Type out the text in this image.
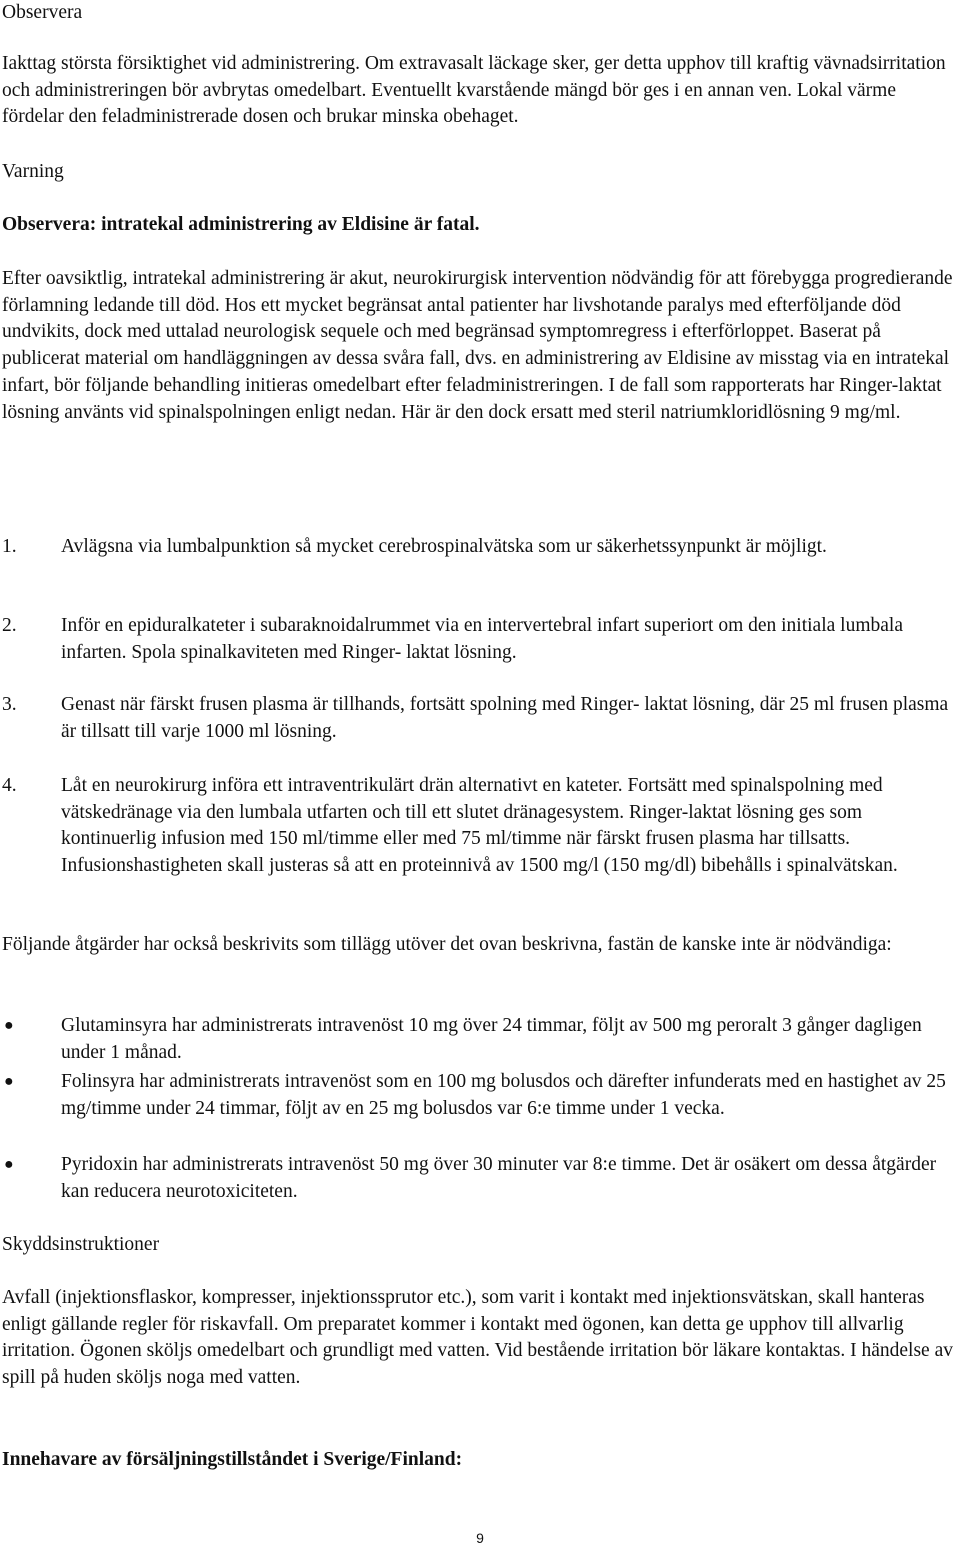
Observera

Iakttag största försiktighet vid administrering. Om extravasalt läckage sker, ger detta upphov till kraftig vävnadsirritation och administreringen bör avbrytas omedelbart. Eventuellt kvarstående mängd bör ges i en annan ven. Lokal värme fördelar den feladministrerade dosen och brukar minska obehaget.

Varning

Observera: intratekal administrering av Eldisine är fatal.

Efter oavsiktlig, intratekal administrering är akut, neurokirurgisk intervention nödvändig för att förebygga progredierande förlamning ledande till död. Hos ett mycket begränsat antal patienter har livshotande paralys med efterföljande död undvikits, dock med uttalad neurologisk sequele och med begränsad symptomregress i efterförloppet. Baserat på publicerat material om handläggningen av dessa svåra fall, dvs. en administrering av Eldisine av misstag via en intratekal infart, bör följande behandling initieras omedelbart efter feladministreringen. I de fall som rapporterats har Ringer-laktat lösning använts vid spinalspolningen enligt nedan. Här är den dock ersatt med steril natriumkloridlösning 9 mg/ml.

1.	Avlägsna via lumbalpunktion så mycket cerebrospinalvätska som ur säkerhetssynpunkt är möjligt.
2.	Inför en epiduralkateter i subaraknoidalrummet via en intervertebral infart superiort om den initiala lumbala infarten. Spola spinalkaviteten med Ringer- laktat lösning.
3.	Genast när färskt frusen plasma är tillhands, fortsätt spolning med Ringer- laktat lösning, där 25 ml frusen plasma är tillsatt till varje 1000 ml lösning.
4.	Låt en neurokirurg införa ett intraventrikulärt drän alternativt en kateter. Fortsätt med spinalspolning med vätskedränage via den lumbala utfarten och till ett slutet dränagesystem. Ringer-laktat lösning ges som kontinuerlig infusion med 150 ml/timme eller med 75 ml/timme när färskt frusen plasma har tillsatts. Infusionshastigheten skall justeras så att en proteinnivå av 1500 mg/l (150 mg/dl) bibehålls i spinalvätskan.

Följande åtgärder har också beskrivits som tillägg utöver det ovan beskrivna, fastän de kanske inte är nödvändiga:

●	Glutaminsyra har administrerats intravenöst 10 mg över 24 timmar, följt av 500 mg peroralt 3 gånger dagligen under 1 månad.
●	Folinsyra har administrerats intravenöst som en 100 mg bolusdos och därefter infunderats med en hastighet av 25 mg/timme under 24 timmar, följt av en 25 mg bolusdos var 6:e timme under 1 vecka.
●	Pyridoxin har administrerats intravenöst 50 mg över 30 minuter var 8:e timme. Det är osäkert om dessa åtgärder kan reducera neurotoxiciteten.

Skyddsinstruktioner

Avfall (injektionsflaskor, kompresser, injektionssprutor etc.), som varit i kontakt med injektionsvätskan, skall hanteras enligt gällande regler för riskavfall. Om preparatet kommer i kontakt med ögonen, kan detta ge upphov till allvarlig irritation. Ögonen sköljs omedelbart och grundligt med vatten. Vid bestående irritation bör läkare kontaktas. I händelse av spill på huden sköljs noga med vatten.

Innehavare av försäljningstillståndet i Sverige/Finland:

9
